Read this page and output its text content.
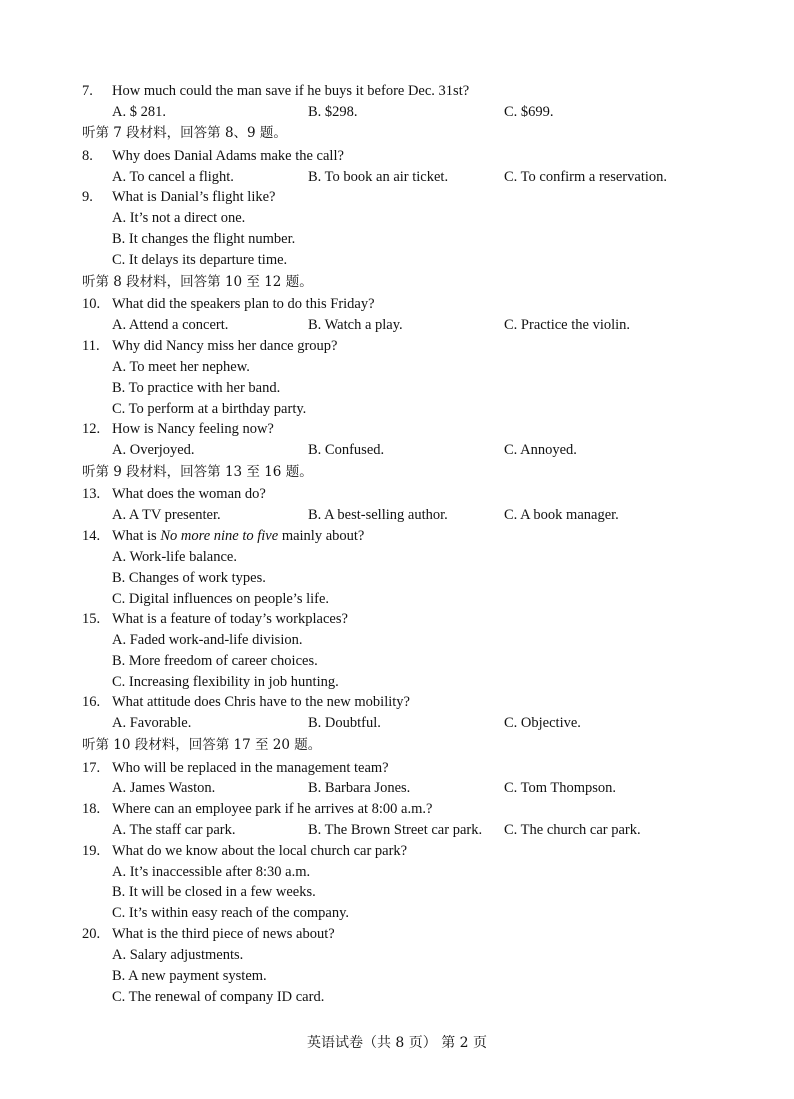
7. How much could the man save if he buys it before Dec. 31st?
A. $ 281.	B. $298.	C. $699.
听第 7 段材料，回答第 8、9 题。
8. Why does Danial Adams make the call?
A. To cancel a flight.	B. To book an air ticket.	C. To confirm a reservation.
9. What is Danial’s flight like?
A. It’s not a direct one.
B. It changes the flight number.
C. It delays its departure time.
听第 8 段材料，回答第 10 至 12 题。
10. What did the speakers plan to do this Friday?
A. Attend a concert.	B. Watch a play.	C. Practice the violin.
11. Why did Nancy miss her dance group?
A. To meet her nephew.
B. To practice with her band.
C. To perform at a birthday party.
12. How is Nancy feeling now?
A. Overjoyed.	B. Confused.	C. Annoyed.
听第 9 段材料，回答第 13 至 16 题。
13. What does the woman do?
A. A TV presenter.	B. A best-selling author.	C. A book manager.
14. What is No more nine to five mainly about?
A. Work-life balance.
B. Changes of work types.
C. Digital influences on people’s life.
15. What is a feature of today’s workplaces?
A. Faded work-and-life division.
B. More freedom of career choices.
C. Increasing flexibility in job hunting.
16. What attitude does Chris have to the new mobility?
A. Favorable.	B. Doubtful.	C. Objective.
听第 10 段材料，回答第 17 至 20 题。
17. Who will be replaced in the management team?
A. James Waston.	B. Barbara Jones.	C. Tom Thompson.
18. Where can an employee park if he arrives at 8:00 a.m.?
A. The staff car park.	B. The Brown Street car park. C. The church car park.
19. What do we know about the local church car park?
A. It’s inaccessible after 8:30 a.m.
B. It will be closed in a few weeks.
C. It’s within easy reach of the company.
20. What is the third piece of news about?
A. Salary adjustments.
B. A new payment system.
C. The renewal of company ID card.
英语试卷（共 8 页） 第 2 页
